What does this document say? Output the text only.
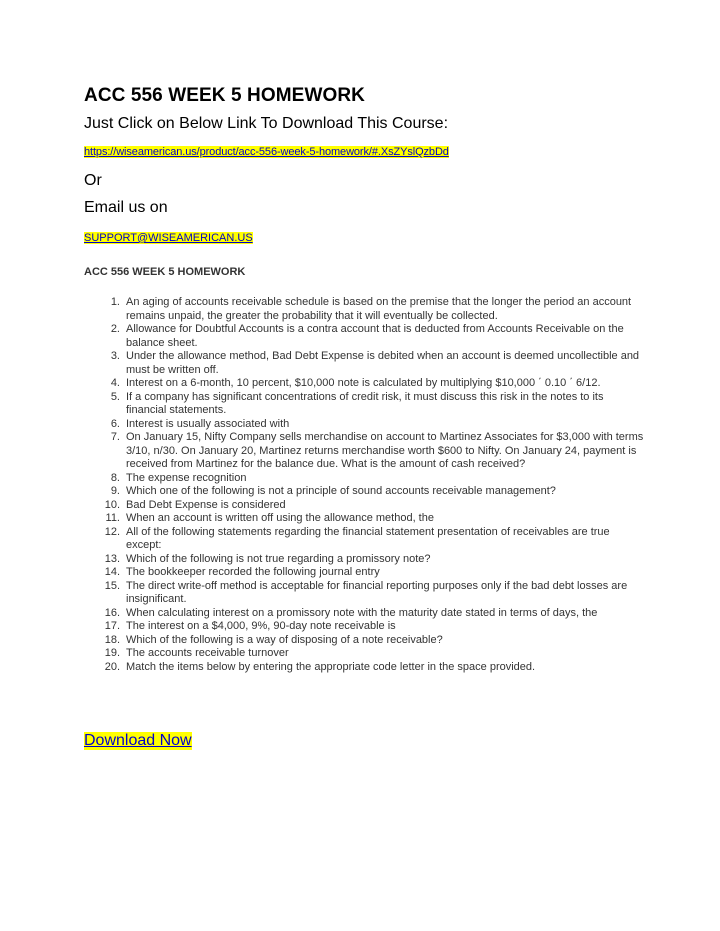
ACC 556 WEEK 5 HOMEWORK

Just Click on Below Link To Download This Course:

https://wiseamerican.us/product/acc-556-week-5-homework/#.XsZYslQzbDd

Or

Email us on

SUPPORT@WISEAMERICAN.US
ACC 556 WEEK 5 HOMEWORK
1. An aging of accounts receivable schedule is based on the premise that the longer the period an account remains unpaid, the greater the probability that it will eventually be collected.
2. Allowance for Doubtful Accounts is a contra account that is deducted from Accounts Receivable on the balance sheet.
3. Under the allowance method, Bad Debt Expense is debited when an account is deemed uncollectible and must be written off.
4. Interest on a 6-month, 10 percent, $10,000 note is calculated by multiplying $10,000 ΄ 0.10 ΄ 6/12.
5. If a company has significant concentrations of credit risk, it must discuss this risk in the notes to its financial statements.
6. Interest is usually associated with
7. On January 15, Nifty Company sells merchandise on account to Martinez Associates for $3,000 with terms 3/10, n/30. On January 20, Martinez returns merchandise worth $600 to Nifty. On January 24, payment is received from Martinez for the balance due. What is the amount of cash received?
8. The expense recognition
9. Which one of the following is not a principle of sound accounts receivable management?
10. Bad Debt Expense is considered
11. When an account is written off using the allowance method, the
12. All of the following statements regarding the financial statement presentation of receivables are true except:
13. Which of the following is not true regarding a promissory note?
14. The bookkeeper recorded the following journal entry
15. The direct write-off method is acceptable for financial reporting purposes only if the bad debt losses are insignificant.
16. When calculating interest on a promissory note with the maturity date stated in terms of days, the
17. The interest on a $4,000, 9%, 90-day note receivable is
18. Which of the following is a way of disposing of a note receivable?
19. The accounts receivable turnover
20. Match the items below by entering the appropriate code letter in the space provided.
Download Now
